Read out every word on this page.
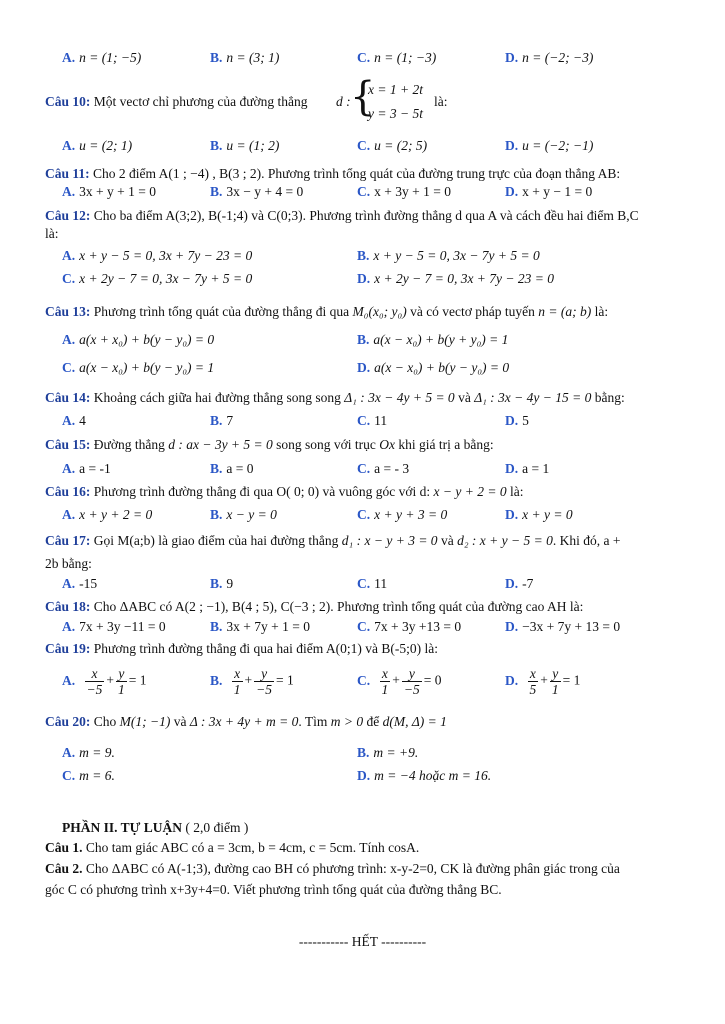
A. n = (1; −5)	B. n = (3; 1)	C. n = (1; −3)	D. n = (−2; −3)
Câu 10: Một vectơ chỉ phương của đường thẳng d : {
x = 1 + 2t
y = 3 − 5t
là:
A. u = (2; 1)	B. u = (1; 2)	C. u = (2; 5)	D. u = (−2; −1)
Câu 11: Cho 2 điểm A(1 ; −4) , B(3 ; 2). Phương trình tổng quát của đường trung trực của đoạn thẳng AB:
A. 3x + y + 1 = 0	B. 3x − y + 4 = 0	C. x + 3y + 1 = 0	D. x + y − 1 = 0
Câu 12: Cho ba điểm A(3;2), B(-1;4) và C(0;3). Phương trình đường thẳng d qua A và cách đều hai điểm B,C
là:
A. x + y − 5 = 0, 3x + 7y − 23 = 0	B. x + y − 5 = 0, 3x − 7y + 5 = 0
C. x + 2y − 7 = 0, 3x − 7y + 5 = 0	D. x + 2y − 7 = 0, 3x + 7y − 23 = 0
Câu 13: Phương trình tổng quát của đường thẳng đi qua M₀(x₀; y₀) và có vectơ pháp tuyến n = (a; b) là:
A. a(x + x₀) + b(y − y₀) = 0	B. a(x − x₀) + b(y + y₀) = 1
C. a(x − x₀) + b(y − y₀) = 1	D. a(x − x₀) + b(y − y₀) = 0
Câu 14: Khoảng cách giữa hai đường thẳng song song Δ₁ : 3x − 4y + 5 = 0 và Δ₁ : 3x − 4y − 15 = 0 bằng:
A. 4	B. 7	C. 11	D. 5
Câu 15: Đường thẳng d : ax − 3y + 5 = 0 song song với trục Ox khi giá trị a bằng:
A. a = -1	B. a = 0	C. a = - 3	D. a = 1
Câu 16: Phương trình đường thẳng đi qua O( 0; 0) và vuông góc với d: x − y + 2 = 0 là:
A. x + y + 2 = 0	B. x − y = 0	C. x + y + 3 = 0	D. x + y = 0
Câu 17: Gọi M(a;b) là giao điểm của hai đường thẳng d₁ : x − y + 3 = 0 và d₂ : x + y − 5 = 0. Khi đó, a +
2b bằng:
A. -15	B. 9	C. 11	D. -7
Câu 18: Cho ΔABC có A(2 ; −1), B(4 ; 5), C(−3 ; 2). Phương trình tổng quát của đường cao AH là:
A. 7x + 3y −11 = 0	B. 3x + 7y + 1 = 0	C. 7x + 3y +13 = 0	D. −3x + 7y + 13 = 0
Câu 19: Phương trình đường thẳng đi qua hai điểm A(0;1) và B(-5;0) là:
A. $\frac{x}{-5} + \frac{y}{1} = 1$	B. $\frac{x}{1} + \frac{y}{-5} = 1$	C. $\frac{x}{1} + \frac{y}{-5} = 0$	D. $\frac{x}{5} + \frac{y}{1} = 1$
Câu 20: Cho M(1; −1) và Δ : 3x + 4y + m = 0. Tìm m > 0 để d(M, Δ) = 1
A. m = 9.	B. m = +9.
C. m = 6.	D. m = −4 hoặc m = 16.
PHẦN II. TỰ LUẬN ( 2,0 điểm )
Câu 1. Cho tam giác ABC có a = 3cm, b = 4cm, c = 5cm. Tính cosA.
Câu 2. Cho ΔABC có A(-1;3), đường cao BH có phương trình: x-y-2=0, CK là đường phân giác trong của
góc C có phương trình x+3y+4=0. Viết phương trình tổng quát của đường thẳng BC.
----------- HẾT ----------
